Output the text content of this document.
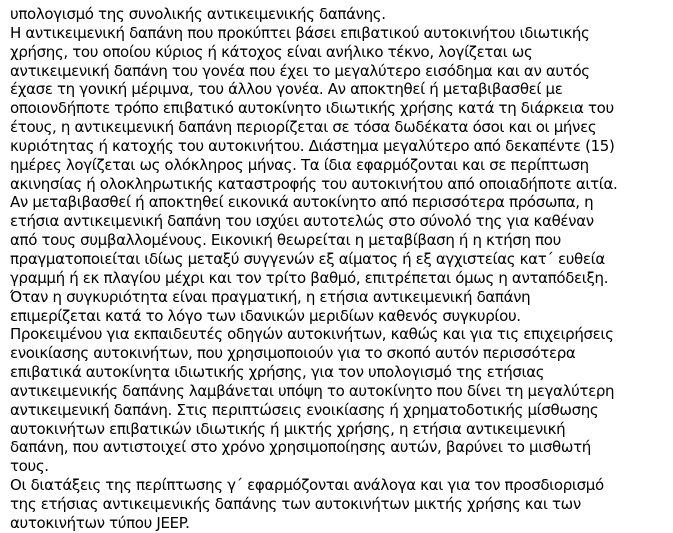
υπολογισμό της συνολικής αντικειμενικής δαπάνης.
Η αντικειμενική δαπάνη που προκύπτει βάσει επιβατικού αυτοκινήτου ιδιωτικής
χρήσης, του οποίου κύριος ή κάτοχος είναι ανήλικο τέκνο, λογίζεται ως
αντικειμενική δαπάνη του γονέα που έχει το μεγαλύτερο εισόδημα και αν αυτός
έχασε τη γονική μέριμνα, του άλλου γονέα. Αν αποκτηθεί ή μεταβιβασθεί με
οποιονδήποτε τρόπο επιβατικό αυτοκίνητο ιδιωτικής χρήσης κατά τη διάρκεια του
έτους, η αντικειμενική δαπάνη περιορίζεται σε τόσα δωδέκατα όσοι και οι μήνες
κυριότητας ή κατοχής του αυτοκινήτου. Διάστημα μεγαλύτερο από δεκαπέντε (15)
ημέρες λογίζεται ως ολόκληρος μήνας. Τα ίδια εφαρμόζονται και σε περίπτωση
ακινησίας ή ολοκληρωτικής καταστροφής του αυτοκινήτου από οποιαδήποτε αιτία.
Αν μεταβιβασθεί ή αποκτηθεί εικονικά αυτοκίνητο από περισσότερα πρόσωπα, η
ετήσια αντικειμενική δαπάνη του ισχύει αυτοτελώς στο σύνολό της για καθέναν
από τους συμβαλλομένους. Εικονική θεωρείται η μεταβίβαση ή η κτήση που
πραγματοποιείται ιδίως μεταξύ συγγενών εξ αίματος ή εξ αγχιστείας κατ΄ ευθεία
γραμμή ή εκ πλαγίου μέχρι και τον τρίτο βαθμό, επιτρέπεται όμως η ανταπόδειξη.
Όταν η συγκυριότητα είναι πραγματική, η ετήσια αντικειμενική δαπάνη
επιμερίζεται κατά το λόγο των ιδανικών μεριδίων καθενός συγκυρίου.
Προκειμένου για εκπαιδευτές οδηγών αυτοκινήτων, καθώς και για τις επιχειρήσεις
ενοικίασης αυτοκινήτων, που χρησιμοποιούν για το σκοπό αυτόν περισσότερα
επιβατικά αυτοκίνητα ιδιωτικής χρήσης, για τον υπολογισμό της ετήσιας
αντικειμενικής δαπάνης λαμβάνεται υπόψη το αυτοκίνητο που δίνει τη μεγαλύτερη
αντικειμενική δαπάνη. Στις περιπτώσεις ενοικίασης ή χρηματοδοτικής μίσθωσης
αυτοκινήτων επιβατικών ιδιωτικής ή μικτής χρήσης, η ετήσια αντικειμενική
δαπάνη, που αντιστοιχεί στο χρόνο χρησιμοποίησης αυτών, βαρύνει το μισθωτή
τους.
Οι διατάξεις της περίπτωσης γ΄ εφαρμόζονται ανάλογα και για τον προσδιορισμό
της ετήσιας αντικειμενικής δαπάνης των αυτοκινήτων μικτής χρήσης και των
αυτοκινήτων τύπου JEEP.
